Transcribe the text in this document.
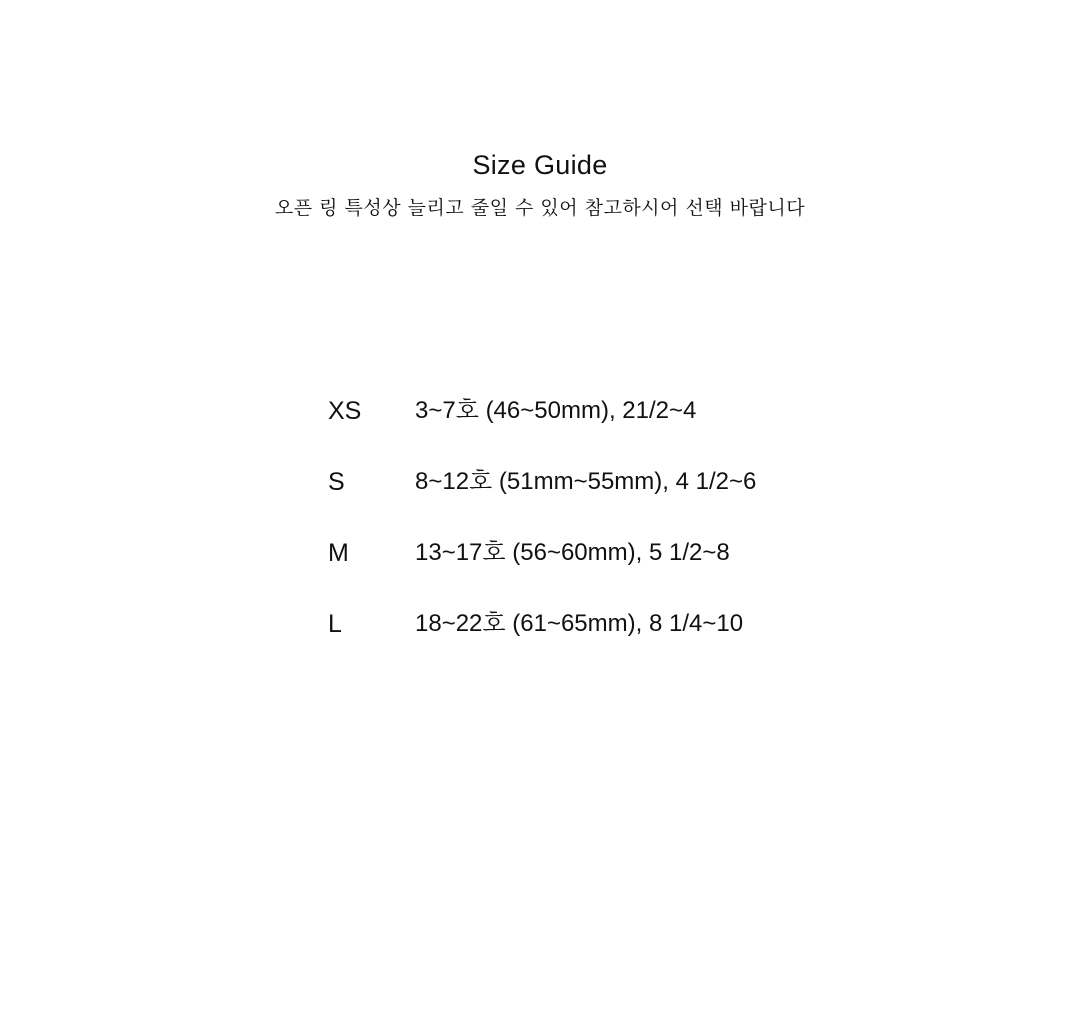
Size Guide
오픈 링 특성상 늘리고 줄일 수 있어 참고하시어 선택 바랍니다
XS 3~7호 (46~50mm), 21/2~4
S	8~12호 (51mm~55mm), 4 1/2~6
M	13~17호 (56~60mm), 5 1/2~8
L	18~22호 (61~65mm), 8 1/4~10
